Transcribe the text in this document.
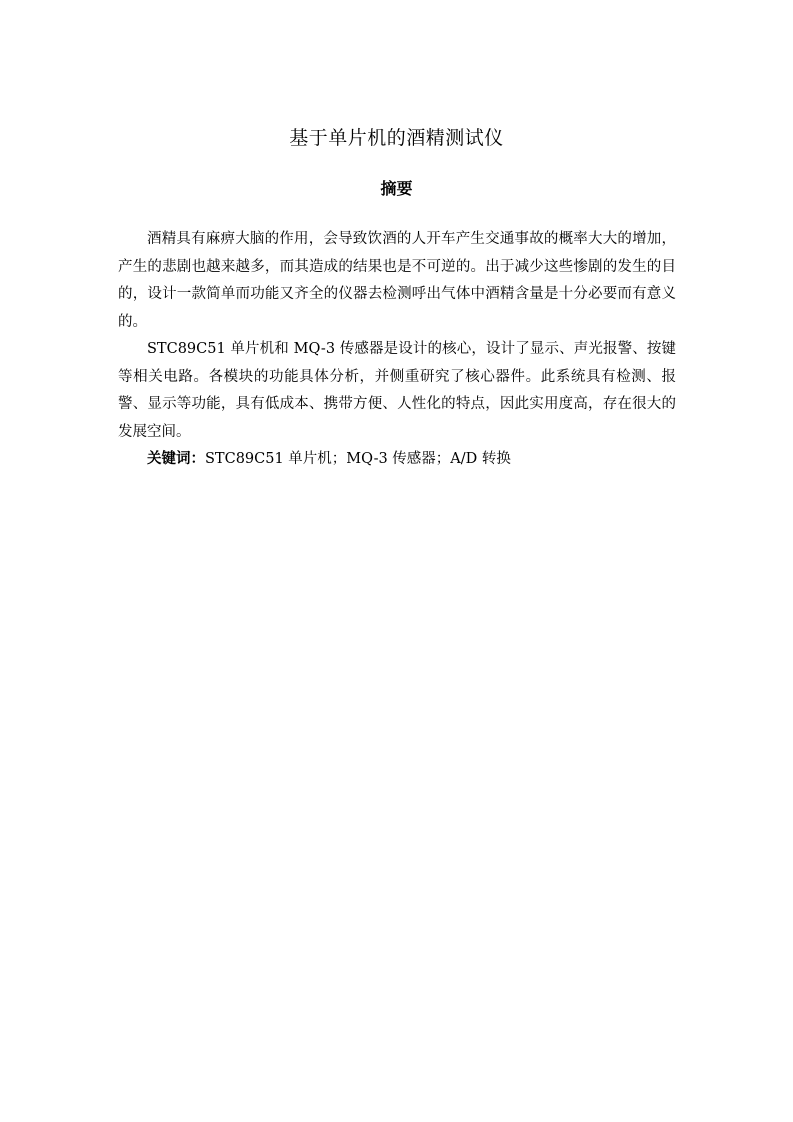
基于单片机的酒精测试仪
摘要

酒精具有麻痹大脑的作用，会导致饮酒的人开车产生交通事故的概率大大的增加，产生的悲剧也越来越多，而其造成的结果也是不可逆的。出于减少这些惨剧的发生的目的，设计一款简单而功能又齐全的仪器去检测呼出气体中酒精含量是十分必要而有意义的。

STC89C51 单片机和 MQ-3 传感器是设计的核心，设计了显示、声光报警、按键等相关电路。各模块的功能具体分析，并侧重研究了核心器件。此系统具有检测、报警、显示等功能，具有低成本、携带方便、人性化的特点，因此实用度高，存在很大的发展空间。

关键词：STC89C51 单片机；MQ-3 传感器；A/D 转换
